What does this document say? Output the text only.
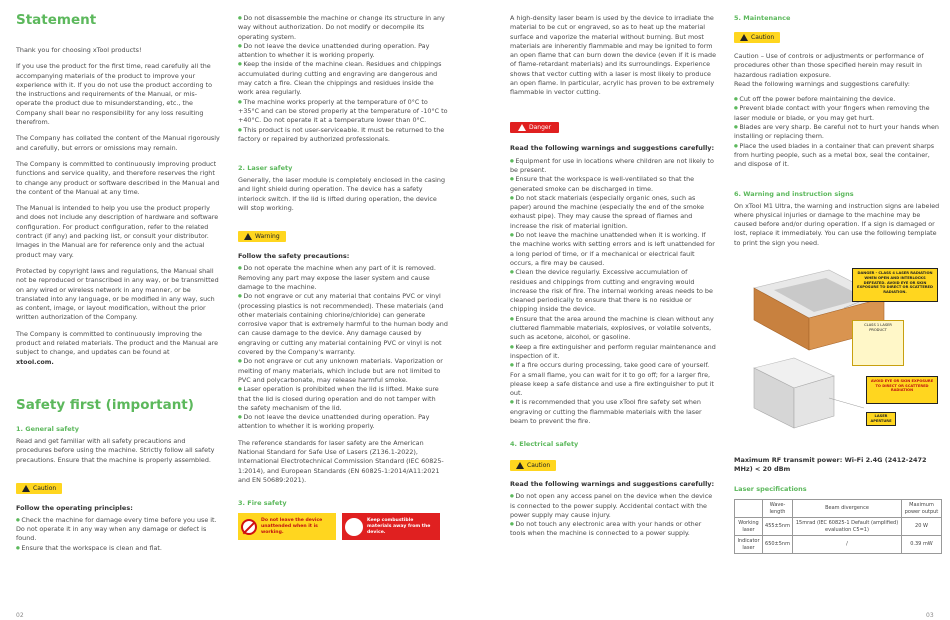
Statement
Thank you for choosing xTool products!
If you use the product for the first time, read carefully all the accompanying materials of the product to improve your experience with it. If you do not use the product according to the instructions and requirements of the Manual, or mis-operate the product due to misunderstanding, etc., the Company shall bear no responsibility for any loss resulting therefrom.
The Company has collated the content of the Manual rigorously and carefully, but errors or omissions may remain.
The Company is committed to continuously improving product functions and service quality, and therefore reserves the right to change any product or software described in the Manual and the content of the Manual at any time.
The Manual is intended to help you use the product properly and does not include any description of hardware and software configuration. For product configuration, refer to the related contract (if any) and packing list, or consult your distributor. Images in the Manual are for reference only and the actual product may vary.
Protected by copyright laws and regulations, the Manual shall not be reproduced or transcribed in any way, or be transmitted on any wired or wireless network in any manner, or be translated into any language, or be modified in any way, such as content, image, or layout modification, without the prior written authorization of the Company.
The Company is committed to continuously improving the product and related materials. The product and the Manual are subject to change, and updates can be found at
xtool.com.
Safety first (important)
1. General safety
Read and get familiar with all safety precautions and procedures before using the machine. Strictly follow all safety precautions. Ensure that the machine is properly assembled.
Caution
Follow the operating principles:
● Check the machine for damage every time before you use it. Do not operate it in any way when any damage or defect is found.
● Ensure that the workspace is clean and flat.
● Do not disassemble the machine or change its structure in any way without authorization. Do not modify or decompile its operating system.
● Do not leave the device unattended during operation. Pay attention to whether it is working properly.
● Keep the inside of the machine clean. Residues and chippings accumulated during cutting and engraving are dangerous and may catch a fire. Clean the chippings and residues inside the work area regularly.
● The machine works properly at the temperature of 0°C to +35°C and can be stored properly at the temperature of -10°C to +40°C. Do not operate it at a temperature lower than 0°C.
● This product is not user-serviceable. It must be returned to the factory or repaired by authorized professionals.
2. Laser safety
Generally, the laser module is completely enclosed in the casing and light shield during operation. The device has a safety interlock switch. If the lid is lifted during operation, the device will stop working.
Warning
Follow the safety precautions:
● Do not operate the machine when any part of it is removed. Removing any part may expose the laser system and cause damage to the machine.
● Do not engrave or cut any material that contains PVC or vinyl (processing plastics is not recommended). These materials (and other materials containing chlorine/chloride) can generate corrosive vapor that is extremely harmful to the human body and can cause damage to the device. Any damage caused by engraving or cutting any material containing PVC or vinyl is not covered by the Company's warranty.
● Do not engrave or cut any unknown materials. Vaporization or melting of many materials, which include but are not limited to PVC and polycarbonate, may release harmful smoke.
● Laser operation is prohibited when the lid is lifted. Make sure that the lid is closed during operation and do not tamper with the safety mechanism of the lid.
● Do not leave the device unattended during operation. Pay attention to whether it is working properly.
The reference standards for laser safety are the American National Standard for Safe Use of Lasers (Z136.1-2022), International Electrotechnical Commission Standard (IEC 60825-1:2014), and European Standards (EN 60825-1:2014/A11:2021 and EN 50689:2021).
3. Fire safety
Do not leave the device unattended when it is working.
Keep combustible materials away from the device.
A high-density laser beam is used by the device to irradiate the material to be cut or engraved, so as to heat up the material surface and vaporize the material without burning. But most materials are inherently flammable and may be ignited to form an open flame that can burn down the device (even if it is made of flame-retardant materials) and its surroundings. Experience shows that vector cutting with a laser is most likely to produce an open flame. In particular, acrylic has proven to be extremely flammable in vector cutting.
Danger
Read the following warnings and suggestions carefully:
● Equipment for use in locations where children are not likely to be present.
● Ensure that the workspace is well-ventilated so that the generated smoke can be discharged in time.
● Do not stack materials (especially organic ones, such as paper) around the machine (especially the end of the smoke exhaust pipe). They may cause the spread of flames and increase the risk of material ignition.
● Do not leave the machine unattended when it is working. If the machine works with setting errors and is left unattended for a long period of time, or if a mechanical or electrical fault occurs, a fire may be caused.
● Clean the device regularly. Excessive accumulation of residues and chippings from cutting and engraving would increase the risk of fire. The internal working areas needs to be cleaned periodically to ensure that there is no residue or chipping inside the device.
● Ensure that the area around the machine is clean without any cluttered flammable materials, explosives, or volatile solvents, such as acetone, alcohol, or gasoline.
● Keep a fire extinguisher and perform regular maintenance and inspection of it.
● If a fire occurs during processing, take good care of yourself. For a small flame, you can wait for it to go off; for a larger fire, please keep a safe distance and use a fire extinguisher to put it out.
● It is recommended that you use xTool fire safety set when engraving or cutting the flammable materials with the laser beam to prevent the fire.
4. Electrical safety
Caution
Read the following warnings and suggestions carefully:
● Do not open any access panel on the device when the device is connected to the power supply. Accidental contact with the power supply may cause injury.
● Do not touch any electronic area with your hands or other tools when the machine is connected to a power supply.
5. Maintenance
Caution
Caution – Use of controls or adjustments or performance of procedures other than those specified herein may result in hazardous radiation exposure.
Read the following warnings and suggestions carefully:
● Cut off the power before maintaining the device.
● Prevent blade contact with your fingers when removing the laser module or blade, or you may get hurt.
● Blades are very sharp. Be careful not to hurt your hands when installing or replacing them.
● Place the used blades in a container that can prevent sharps from hurting people, such as a metal box, seal the container, and dispose of it.
6. Warning and instruction signs
On xTool M1 Ultra, the warning and instruction signs are labeled where physical injuries or damage to the machine may be caused before and/or during operation. If a sign is damaged or lost, replace it immediately. You can use the following template to print the sign you need.
DANGER - CLASS 4 LASER RADIATION WHEN OPEN AND INTERLOCKS DEFEATED. AVOID EYE OR SKIN EXPOSURE TO DIRECT OR SCATTERED RADIATION.
CLASS 1 LASER PRODUCT
AVOID EYE OR SKIN EXPOSURE TO DIRECT OR SCATTERED RADIATION
LASER APERTURE
Maximum RF transmit power: Wi-Fi 2.4G (2412-2472 MHz) < 20 dBm
Laser specifications
	Wave-length	Beam divergence	Maximum power output
Working laser	455±5nm	15mrad (IEC 60825-1 Default (amplified) evaluation C5=1)	20 W
Indicator laser	650±5nm	/	0.39 mW
02	03
